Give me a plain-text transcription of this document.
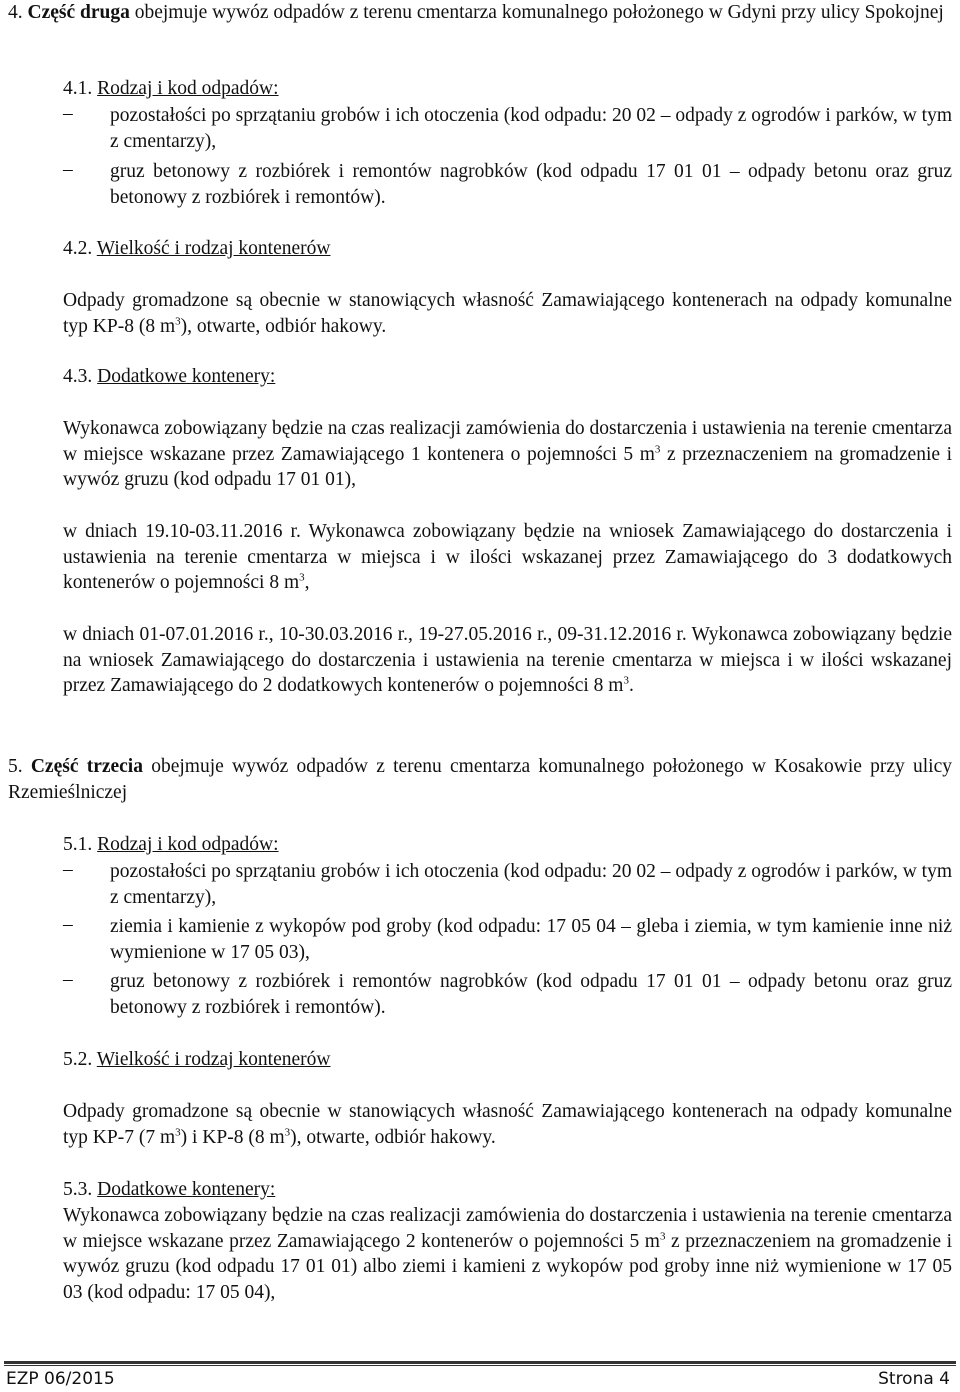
4. Część druga obejmuje wywóz odpadów z terenu cmentarza komunalnego położonego w Gdyni przy ulicy Spokojnej

4.1. Rodzaj i kod odpadów:

–	pozostałości po sprzątaniu grobów i ich otoczenia (kod odpadu: 20 02 – odpady z ogrodów i parków, w tym z cmentarzy),

–	gruz betonowy z rozbiórek i remontów nagrobków (kod odpadu 17 01 01 – odpady betonu oraz gruz betonowy z rozbiórek i remontów).

4.2. Wielkość i rodzaj kontenerów

Odpady gromadzone są obecnie w stanowiących własność Zamawiającego kontenerach na odpady komunalne typ KP-8 (8 $m^3$), otwarte, odbiór hakowy.

4.3. Dodatkowe kontenery:

Wykonawca zobowiązany będzie na czas realizacji zamówienia do dostarczenia i ustawienia na terenie cmentarza w miejsce wskazane przez Zamawiającego 1 kontenera o pojemności 5 $m^3$ z przeznaczeniem na gromadzenie i wywóz gruzu (kod odpadu 17 01 01),

w dniach 19.10-03.11.2016 r. Wykonawca zobowiązany będzie na wniosek Zamawiającego do dostarczenia i ustawienia na terenie cmentarza w miejsca i w ilości wskazanej przez Zamawiającego do 3 dodatkowych kontenerów o pojemności 8 $m^3$,

w dniach 01-07.01.2016 r., 10-30.03.2016 r., 19-27.05.2016 r., 09-31.12.2016 r. Wykonawca zobowiązany będzie na wniosek Zamawiającego do dostarczenia i ustawienia na terenie cmentarza w miejsca i w ilości wskazanej przez Zamawiającego do 2 dodatkowych kontenerów o pojemności 8 $m^3$.

5. Część trzecia obejmuje wywóz odpadów z terenu cmentarza komunalnego położonego w Kosakowie przy ulicy Rzemieślniczej

5.1. Rodzaj i kod odpadów:

–	pozostałości po sprzątaniu grobów i ich otoczenia (kod odpadu: 20 02 – odpady z ogrodów i parków, w tym z cmentarzy),

–	ziemia i kamienie z wykopów pod groby (kod odpadu: 17 05 04 – gleba i ziemia, w tym kamienie inne niż wymienione w 17 05 03),

–	gruz betonowy z rozbiórek i remontów nagrobków (kod odpadu 17 01 01 – odpady betonu oraz gruz betonowy z rozbiórek i remontów).

5.2. Wielkość i rodzaj kontenerów

Odpady gromadzone są obecnie w stanowiących własność Zamawiającego kontenerach na odpady komunalne typ KP-7 (7 $m^3$) i KP-8 (8 $m^3$), otwarte, odbiór hakowy.

5.3. Dodatkowe kontenery:

Wykonawca zobowiązany będzie na czas realizacji zamówienia do dostarczenia i ustawienia na terenie cmentarza w miejsce wskazane przez Zamawiającego 2 kontenerów o pojemności 5 $m^3$ z przeznaczeniem na gromadzenie i wywóz gruzu (kod odpadu 17 01 01) albo ziemi i kamieni z wykopów pod groby inne niż wymienione w 17 05 03 (kod odpadu: 17 05 04),

EZP 06/2015	Strona 4
